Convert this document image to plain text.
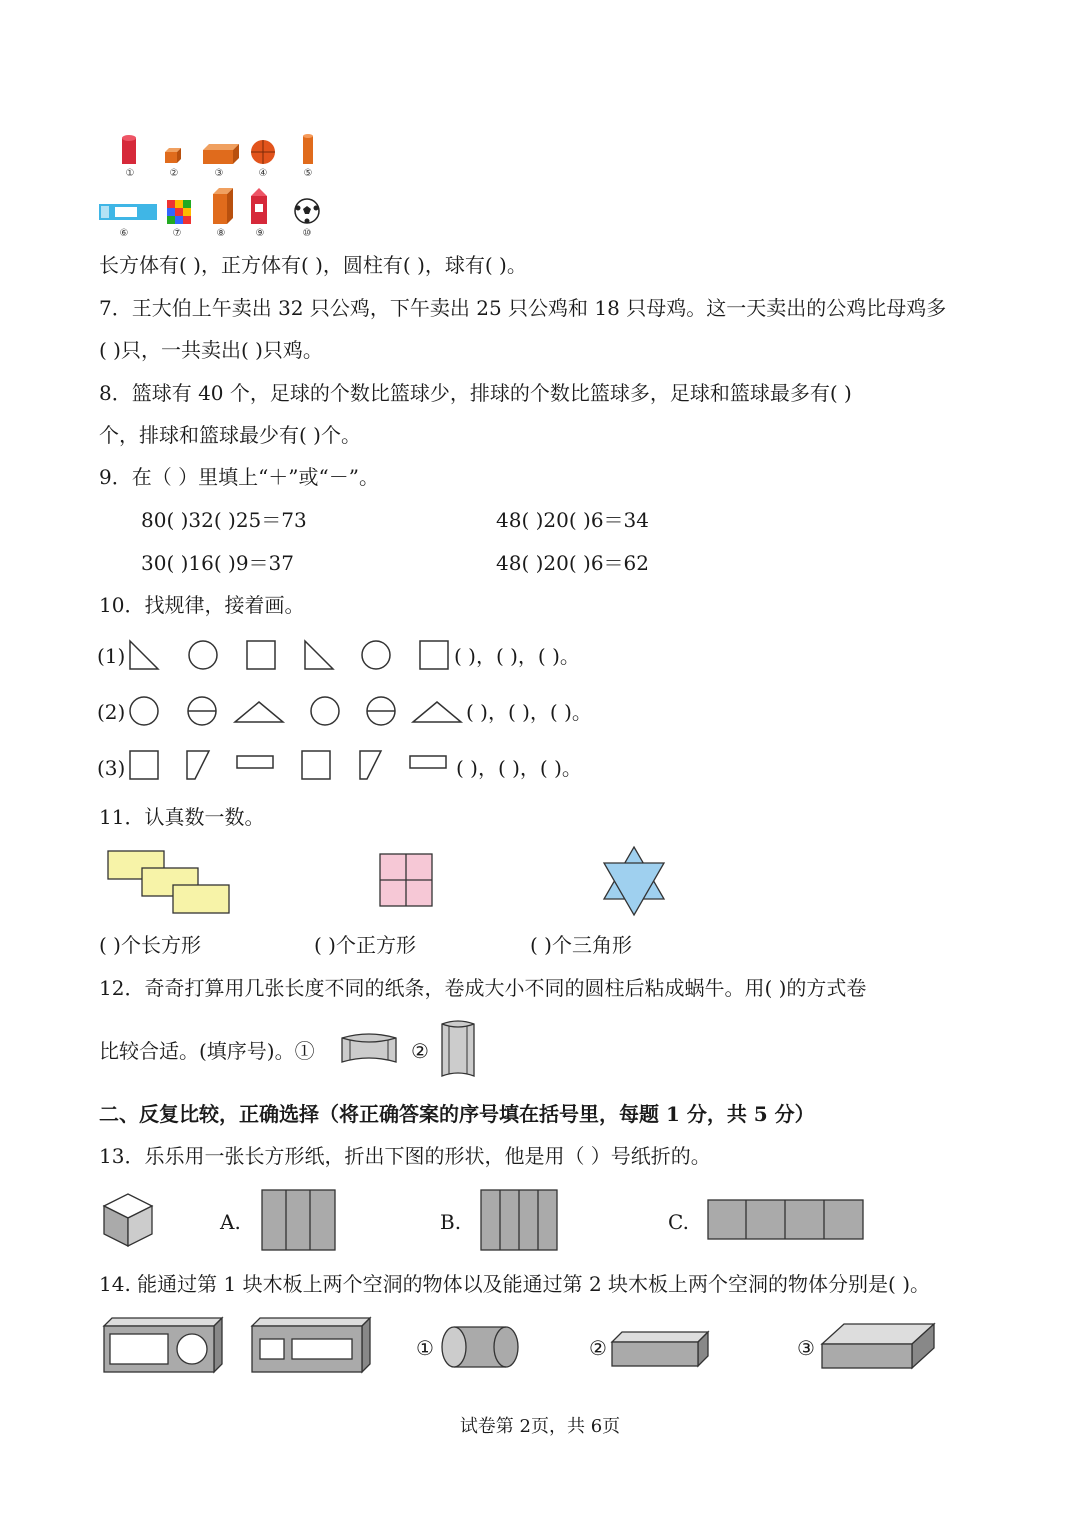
①	②	③	④	⑤
⑥	⑦	⑧	⑨	⑩
长方体有( )，正方体有( )，圆柱有( )，球有( )。
7．王大伯上午卖出 32 只公鸡，下午卖出 25 只公鸡和 18 只母鸡。这一天卖出的公鸡比母鸡多
( )只，一共卖出( )只鸡。
8．篮球有 40 个，足球的个数比篮球少，排球的个数比篮球多，足球和篮球最多有( )
个，排球和篮球最少有( )个。
9．在（ ）里填上“＋”或“－”。
80( )32( )25＝73	48( )20( )6＝34
30( )16( )9＝37	48( )20( )6＝62
10．找规律，接着画。
(1)	( )，( )，( )。
(2)	( )，( )，( )。
(3)	( )，( )，( )。
11．认真数一数。
( )个长方形	( )个正方形	( )个三角形
12．奇奇打算用几张长度不同的纸条，卷成大小不同的圆柱后粘成蜗牛。用( )的方式卷
比较合适。(填序号)。①	②
二、反复比较，正确选择（将正确答案的序号填在括号里，每题 1 分，共 5 分）
13．乐乐用一张长方形纸，折出下图的形状，他是用（ ）号纸折的。
A.	B.	C.
14. 能通过第 1 块木板上两个空洞的物体以及能通过第 2 块木板上两个空洞的物体分别是( )。
①	②	③
试卷第 2页，共 6页
